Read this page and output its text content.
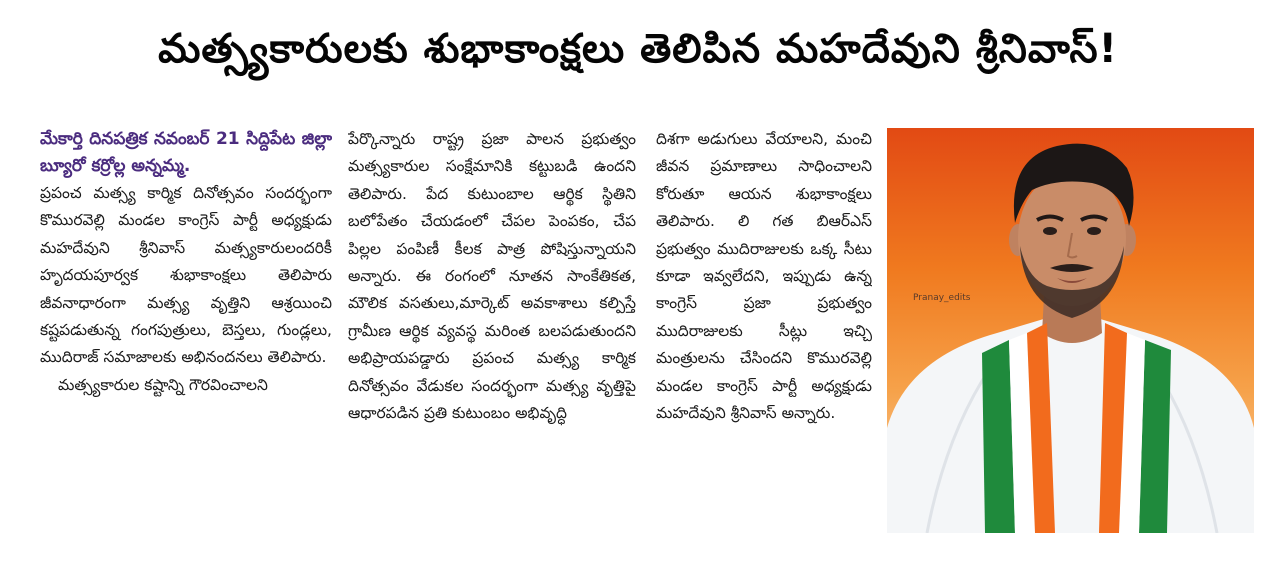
మత్స్యకారులకు శుభాకాంక్షలు తెలిపిన మహదేవుని శ్రీనివాస్!
మేకార్తి దినపత్రిక నవంబర్ 21 సిద్దిపేట జిల్లా బ్యూరో కర్రోల్ల అన్నమ్మ.
ప్రపంచ మత్స్య కార్మిక దినోత్సవం సందర్భంగా కొమురవెల్లి మండల కాంగ్రెస్ పార్టీ అధ్యక్షుడు మహదేవుని శ్రీనివాస్ మత్స్యకారులందరికీ హృదయపూర్వక శుభాకాంక్షలు తెలిపారు జీవనాధారంగా మత్స్య వృత్తిని ఆశ్రయించి కష్టపడుతున్న గంగపుత్రులు, బెస్తలు, గుండ్లలు, ముదిరాజ్ సమాజాలకు అభినందనలు తెలిపారు.
మత్స్యకారుల కష్టాన్ని గౌరవించాలని
పేర్కొన్నారు రాష్ట్ర ప్రజా పాలన ప్రభుత్వం మత్స్యకారుల సంక్షేమానికి కట్టుబడి ఉందని తెలిపారు. పేద కుటుంబాల ఆర్థిక స్థితిని బలోపేతం చేయడంలో చేపల పెంపకం, చేప పిల్లల పంపిణీ కీలక పాత్ర పోషిస్తున్నాయని అన్నారు. ఈ రంగంలో నూతన సాంకేతికత, మౌలిక వసతులు,మార్కెట్ అవకాశాలు కల్పిస్తే గ్రామీణ ఆర్థిక వ్యవస్థ మరింత బలపడుతుందని అభిప్రాయపడ్డారు ప్రపంచ మత్స్య కార్మిక దినోత్సవం వేడుకల సందర్భంగా మత్స్య వృత్తిపై ఆధారపడిన ప్రతి కుటుంబం అభివృద్ధి
దిశగా అడుగులు వేయాలని, మంచి జీవన ప్రమాణాలు సాధించాలని కోరుతూ ఆయన శుభాకాంక్షలు తెలిపారు. లి గత బిఆర్ఎస్ ప్రభుత్వం ముదిరాజులకు ఒక్క సీటు కూడా ఇవ్వలేదని, ఇప్పుడు ఉన్న కాంగ్రెస్ ప్రజా ప్రభుత్వం ముదిరాజులకు సీట్లు ఇచ్చి మంత్రులను చేసిందని కొమురవెల్లి మండల కాంగ్రెస్ పార్టీ అధ్యక్షుడు మహదేవుని శ్రీనివాస్ అన్నారు.
Pranay_edits
